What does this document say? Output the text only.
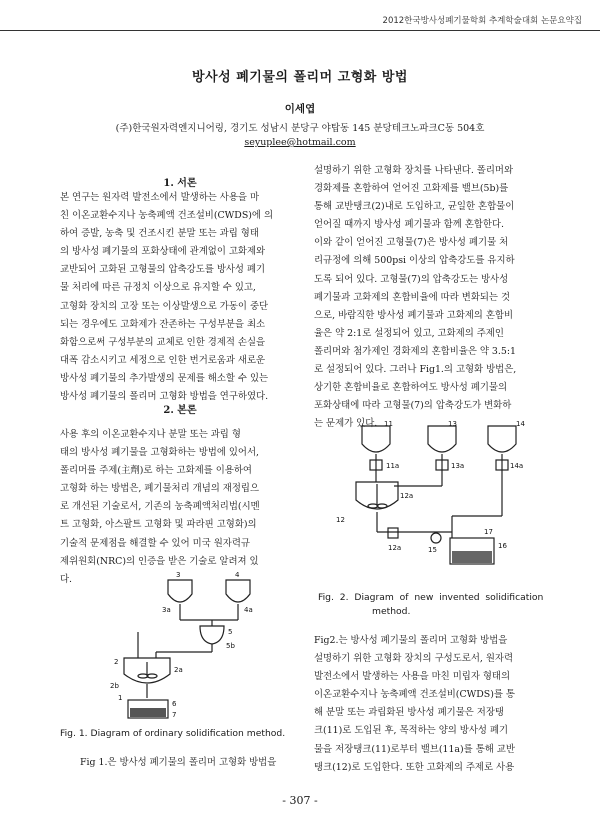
2012한국방사성폐기물학회 추계학술대회 논문요약집
방사성 폐기물의 폴리머 고형화 방법
이세엽
(주)한국원자력엔지니어링, 경기도 성남시 분당구 야탑동 145 분당테크노파크C동 504호
seyuplee@hotmail.com
1. 서론
본 연구는 원자력 발전소에서 발생하는 사용을 마
친 이온교환수지나 농축폐액 건조설비(CWDS)에 의
하여 증발, 농축 및 건조시킨 분말 또는 과립 형태
의 방사성 폐기물의 포화상태에 관계없이 고화제와
교반되어 고화된 고형물의 압축강도를 방사성 폐기
물 처리에 따른 규정치 이상으로 유지할 수 있고,
고형화 장치의 고장 또는 이상발생으로 가동이 중단
되는 경우에도 고화제가 잔존하는 구성부분을 최소
화함으로써 구성부분의 교체로 인한 경제적 손실을
대폭 감소시키고 세정으로 인한 번거로움과 새로운
방사성 폐기물의 추가발생의 문제를 해소할 수 있는
방사성 폐기물의 폴리머 고형화 방법을 연구하였다.
2. 본론
사용 후의 이온교환수지나 분말 또는 과립 형
태의 방사성 폐기물을 고형화하는 방법에 있어서,
폴리머를 주제(主劑)로 하는 고화제를 이용하여
고형화 하는 방법은, 폐기물처리 개념의 재정립으
로 개선된 기술로서, 기존의 농축폐액처리법(시멘
트 고형화, 아스팔트 고형화 및 파라핀 고형화)의
기술적 문제점을 해결할 수 있어 미국 원자력규
제위원회(NRC)의 인증을 받은 기술로 알려져 있
다.	3	4
3a	4a
5
5b
2
2a
2b
1
6
7
Fig. 1. Diagram of ordinary solidification method.
Fig 1.은 방사성 폐기물의 폴리머 고형화 방법을
설명하기 위한 고형화 장치를 나타낸다. 폴리머와
경화제를 혼합하여 얻어진 고화제를 밸브(5b)를
통해 교반탱크(2)내로 도입하고, 균일한 혼합물이
얻어질 때까지 방사성 폐기물과 함께 혼합한다.
이와 같이 얻어진 고형물(7)은 방사성 폐기물 처
리규정에 의해 500psi 이상의 압축강도를 유지하
도록 되어 있다. 고형물(7)의 압축강도는 방사성
폐기물과 고화제의 혼합비율에 따라 변화되는 것
으로, 바람직한 방사성 폐기물과 고화제의 혼합비
율은 약 2:1로 설정되어 있고, 고화제의 주제인
폴리머와 첨가제인 경화제의 혼합비율은 약 3.5:1
로 설정되어 있다. 그러나 Fig1.의 고형화 방법은,
상기한 혼합비율로 혼합하여도 방사성 폐기물의
포화상태에 따라 고형물(7)의 압축강도가 변화하
는 문제가 있다. 11	13	14
11a	13a	14a
12a
12
15	16
17
12a
Fig.  2.  Diagram  of  new  invented  solidification
method.
Fig2.는 방사성 폐기물의 폴리머 고형화 방법을
설명하기 위한 고형화 장치의 구성도로서, 원자력
발전소에서 발생하는 사용을 마친 미립자 형태의
이온교환수지나 농축폐액 건조설비(CWDS)를 통
해 분말 또는 과립화된 방사성 폐기물은 저장탱
크(11)로 도입된 후, 목적하는 양의 방사성 폐기
물을 저장탱크(11)로부터 밸브(11a)를 통해 교반
탱크(12)로 도입한다. 또한 고화제의 주제로 사용
- 307 -
